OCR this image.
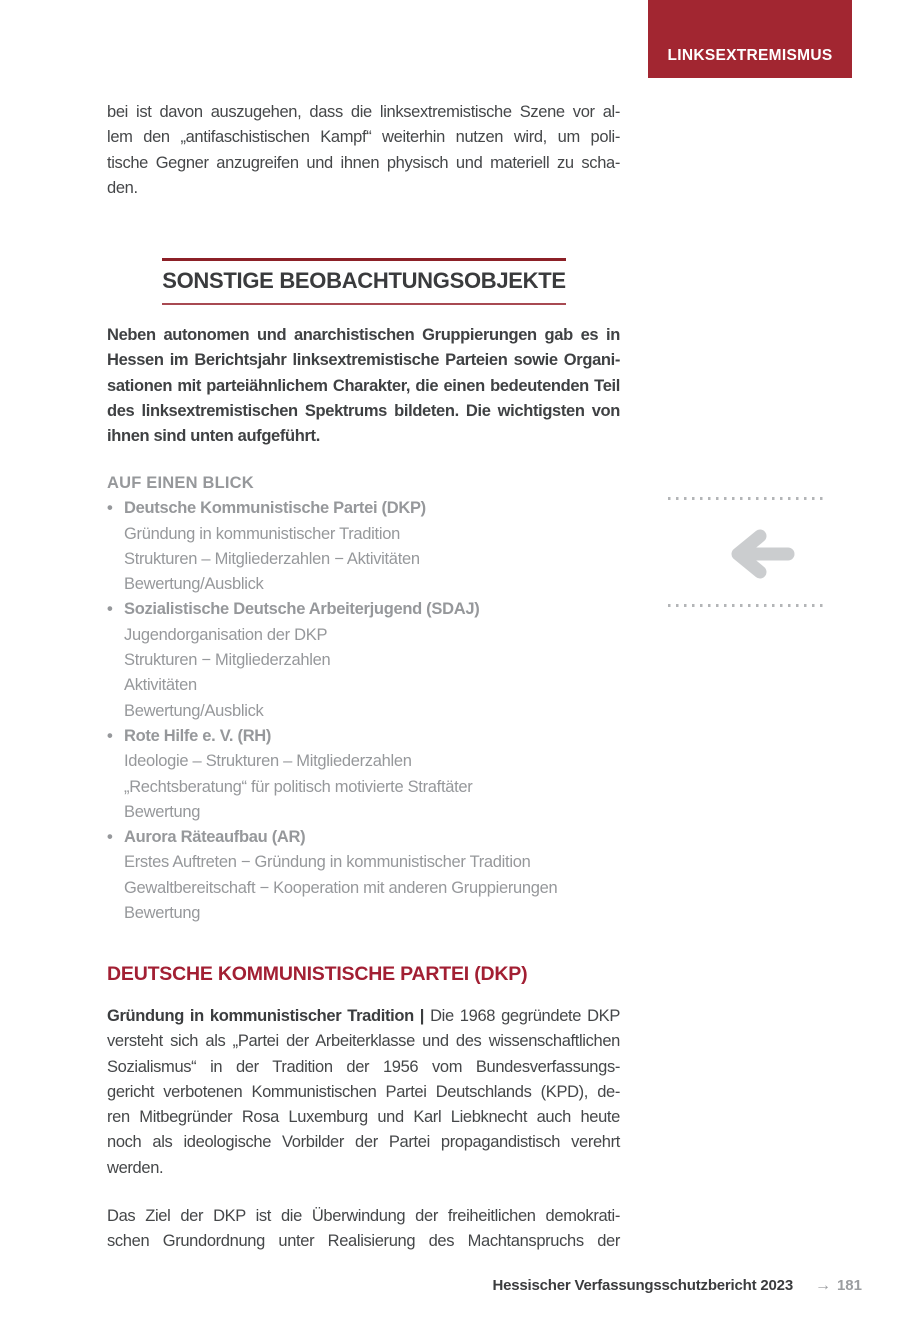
LINKSEXTREMISMUS
bei ist davon auszugehen, dass die linksextremistische Szene vor al-
lem den „antifaschistischen Kampf“ weiterhin nutzen wird, um poli-
tische Gegner anzugreifen und ihnen physisch und materiell zu scha-
den.
SONSTIGE BEOBACHTUNGSOBJEKTE
Neben autonomen und anarchistischen Gruppierungen gab es in
Hessen im Berichtsjahr linksextremistische Parteien sowie Organi-
sationen mit parteiähnlichem Charakter, die einen bedeutenden Teil
des linksextremistischen Spektrums bildeten. Die wichtigsten von
ihnen sind unten aufgeführt.
AUF EINEN BLICK
• Deutsche Kommunistische Partei (DKP)
Gründung in kommunistischer Tradition
Strukturen – Mitgliederzahlen − Aktivitäten
Bewertung/Ausblick
• Sozialistische Deutsche Arbeiterjugend (SDAJ)
Jugendorganisation der DKP
Strukturen − Mitgliederzahlen
Aktivitäten
Bewertung/Ausblick
• Rote Hilfe e. V. (RH)
Ideologie – Strukturen – Mitgliederzahlen
„Rechtsberatung“ für politisch motivierte Straftäter
Bewertung
• Aurora Räteaufbau (AR)
Erstes Auftreten − Gründung in kommunistischer Tradition
Gewaltbereitschaft − Kooperation mit anderen Gruppierungen
Bewertung
DEUTSCHE KOMMUNISTISCHE PARTEI (DKP)
Gründung in kommunistischer Tradition | Die 1968 gegründete DKP
versteht sich als „Partei der Arbeiterklasse und des wissenschaftlichen
Sozialismus“ in der Tradition der 1956 vom Bundesverfassungs-
gericht verbotenen Kommunistischen Partei Deutschlands (KPD), de-
ren Mitbegründer Rosa Luxemburg und Karl Liebknecht auch heute
noch als ideologische Vorbilder der Partei propagandistisch verehrt
werden.
Das Ziel der DKP ist die Überwindung der freiheitlichen demokrati-
schen Grundordnung unter Realisierung des Machtanspruchs der
Hessischer Verfassungsschutzbericht 2023 → 181
